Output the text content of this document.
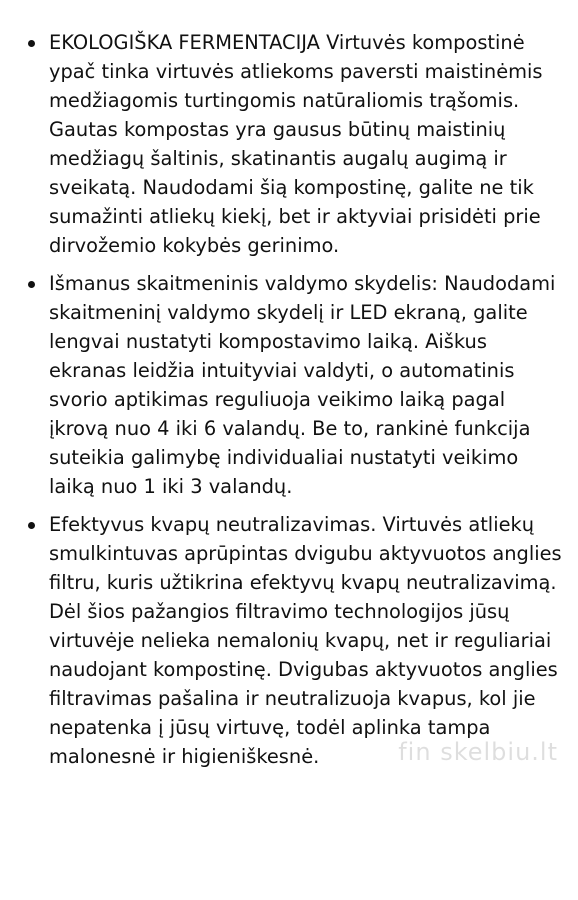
EKOLOGIŠKA FERMENTACIJA Virtuvės kompostinė ypač tinka virtuvės atliekoms paversti maistinėmis medžiagomis turtingomis natūraliomis trąšomis. Gautas kompostas yra gausus būtinų maistinių medžiagų šaltinis, skatinantis augalų augimą ir sveikatą. Naudodami šią kompostinę, galite ne tik sumažinti atliekų kiekį, bet ir aktyviai prisidėti prie dirvožemio kokybės gerinimo.
Išmanus skaitmeninis valdymo skydelis: Naudodami skaitmeninį valdymo skydelį ir LED ekraną, galite lengvai nustatyti kompostavimo laiką. Aiškus ekranas leidžia intuityviai valdyti, o automatinis svorio aptikimas reguliuoja veikimo laiką pagal įkrovą nuo 4 iki 6 valandų. Be to, rankinė funkcija suteikia galimybę individualiai nustatyti veikimo laiką nuo 1 iki 3 valandų.
Efektyvus kvapų neutralizavimas. Virtuvės atliekų smulkintuvas aprūpintas dvigubu aktyvuotos anglies filtru, kuris užtikrina efektyvų kvapų neutralizavimą. Dėl šios pažangios filtravimo technologijos jūsų virtuvėje nelieka nemalonių kvapų, net ir reguliariai naudojant kompostinę. Dvigubas aktyvuotos anglies filtravimas pašalina ir neutralizuoja kvapus, kol jie nepatenka į jūsų virtuvę, todėl aplinka tampa malonesnė ir higieniškesnė.	fin skelbiu.lt
